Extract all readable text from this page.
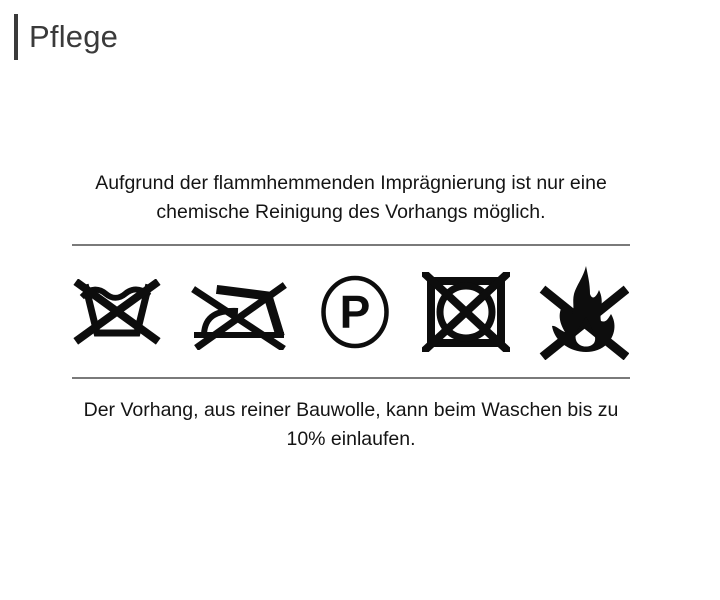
Pflege

Aufgrund der flammhemmenden Imprägnierung ist nur eine chemische Reinigung des Vorhangs möglich.

P

Der Vorhang, aus reiner Bauwolle, kann beim Waschen bis zu 10% einlaufen.
